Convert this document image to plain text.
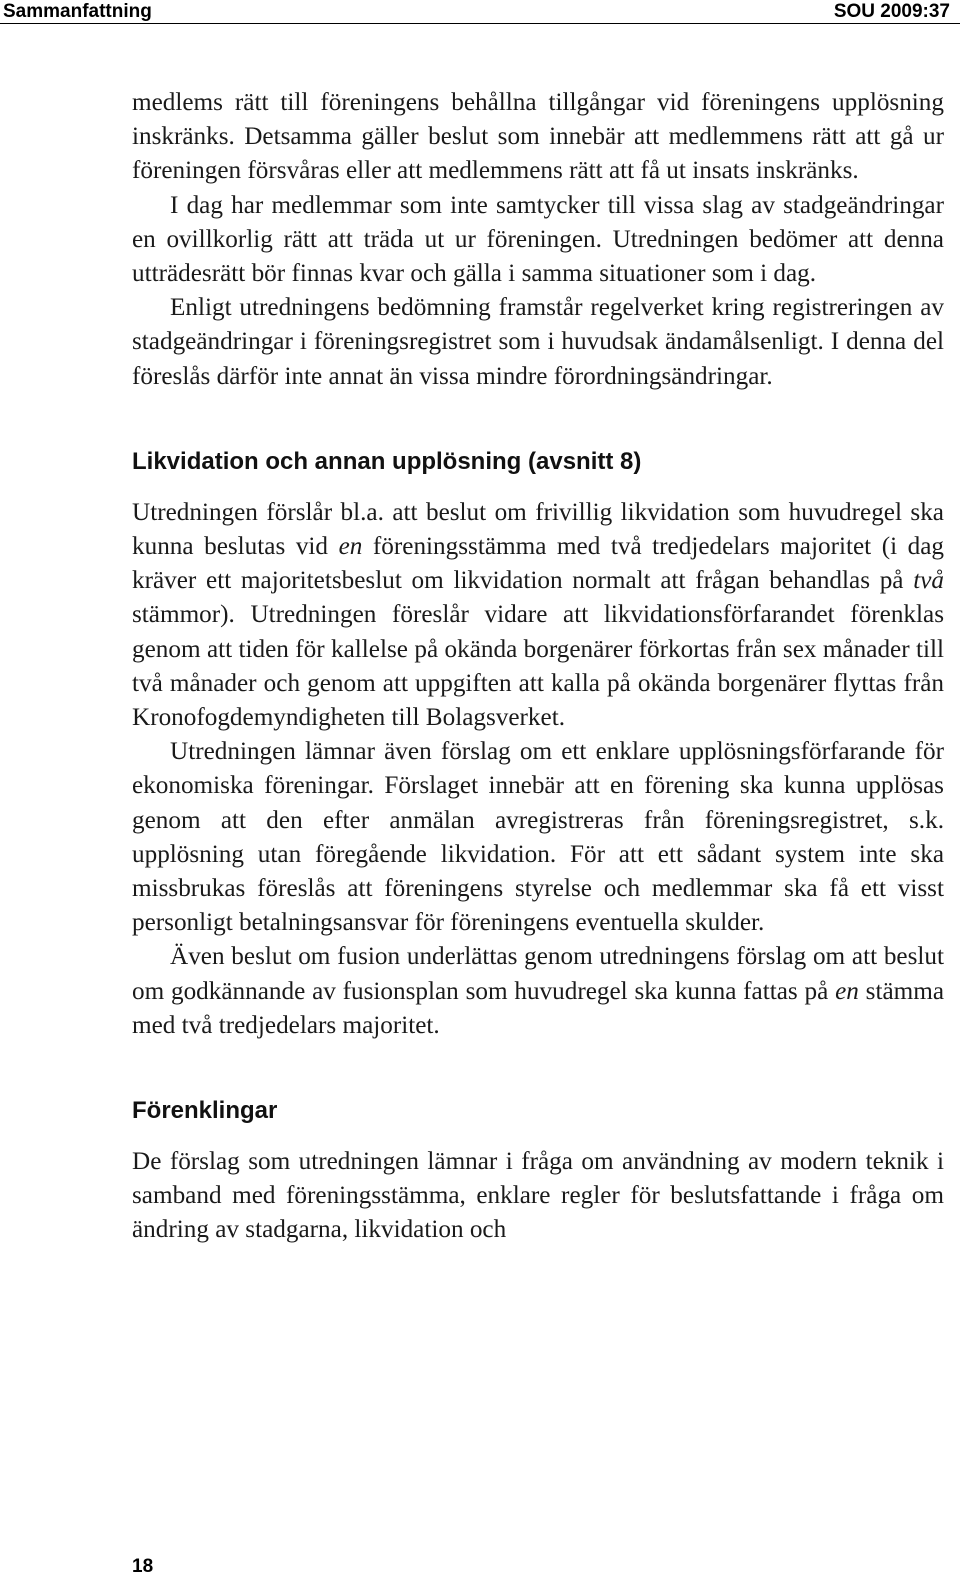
Sammanfattning	SOU 2009:37

medlems rätt till föreningens behållna tillgångar vid föreningens upplösning inskränks. Detsamma gäller beslut som innebär att medlemmens rätt att gå ur föreningen försvåras eller att medlemmens rätt att få ut insats inskränks.

I dag har medlemmar som inte samtycker till vissa slag av stadgeändringar en ovillkorlig rätt att träda ut ur föreningen. Utredningen bedömer att denna utträdesrätt bör finnas kvar och gälla i samma situationer som i dag.

Enligt utredningens bedömning framstår regelverket kring registreringen av stadgeändringar i föreningsregistret som i huvudsak ändamålsenligt. I denna del föreslås därför inte annat än vissa mindre förordningsändringar.

Likvidation och annan upplösning (avsnitt 8)

Utredningen förslår bl.a. att beslut om frivillig likvidation som huvudregel ska kunna beslutas vid en föreningsstämma med två tredjedelars majoritet (i dag kräver ett majoritetsbeslut om likvidation normalt att frågan behandlas på två stämmor). Utredningen föreslår vidare att likvidationsförfarandet förenklas genom att tiden för kallelse på okända borgenärer förkortas från sex månader till två månader och genom att uppgiften att kalla på okända borgenärer flyttas från Kronofogdemyndigheten till Bolagsverket.

Utredningen lämnar även förslag om ett enklare upplösningsförfarande för ekonomiska föreningar. Förslaget innebär att en förening ska kunna upplösas genom att den efter anmälan avregistreras från föreningsregistret, s.k. upplösning utan föregående likvidation. För att ett sådant system inte ska missbrukas föreslås att föreningens styrelse och medlemmar ska få ett visst personligt betalningsansvar för föreningens eventuella skulder.

Även beslut om fusion underlättas genom utredningens förslag om att beslut om godkännande av fusionsplan som huvudregel ska kunna fattas på en stämma med två tredjedelars majoritet.

Förenklingar

De förslag som utredningen lämnar i fråga om användning av modern teknik i samband med föreningsstämma, enklare regler för beslutsfattande i fråga om ändring av stadgarna, likvidation och

18
